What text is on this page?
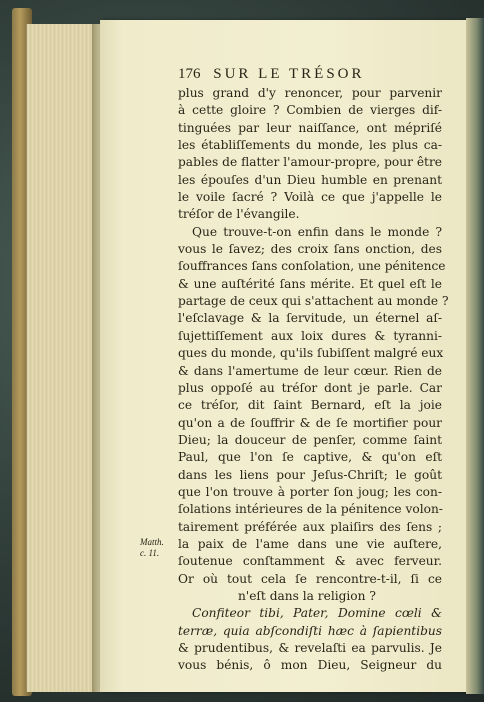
176 SUR LE TRÉSOR
plus grand d'y renoncer, pour parvenir
à cette gloire ? Combien de vierges dif-
tinguées par leur naiſſance, ont mépriſé
les établiſſements du monde, les plus ca-
pables de flatter l'amour-propre, pour être
les épouſes d'un Dieu humble en prenant
le voile ſacré ? Voilà ce que j'appelle le
tréſor de l'évangile.
Que trouve-t-on enfin dans le monde ?
vous le ſavez; des croix ſans onction, des
ſouffrances ſans conſolation, une pénitence
& une auſtérité ſans mérite. Et quel eſt le
partage de ceux qui s'attachent au monde ?
l'eſclavage & la ſervitude, un éternel aſ-
ſujettiſſement aux loix dures & tyranni-
ques du monde, qu'ils ſubiſſent malgré eux
& dans l'amertume de leur cœur. Rien de
plus oppoſé au tréſor dont je parle. Car
ce tréſor, dit ſaint Bernard, eſt la joie
qu'on a de ſouffrir & de ſe mortifier pour
Dieu; la douceur de penſer, comme ſaint
Paul, que l'on ſe captive, & qu'on eſt
dans les liens pour Jeſus-Chriſt; le goût
que l'on trouve à porter ſon joug; les con-
ſolations intérieures de la pénitence volon-
tairement préférée aux plaiſirs des ſens ;
la paix de l'ame dans une vie auſtere,
ſoutenue conſtamment & avec ferveur.
Or où tout cela ſe rencontre-t-il, ſi ce
n'eſt dans la religion ?
Confiteor tibi, Pater, Domine cœli &
terræ, quia abſcondiſti hæc à ſapientibus
& prudentibus, & revelaſti ea parvulis. Je
vous bénis, ô mon Dieu, Seigneur du
Matth.
c. 11.
